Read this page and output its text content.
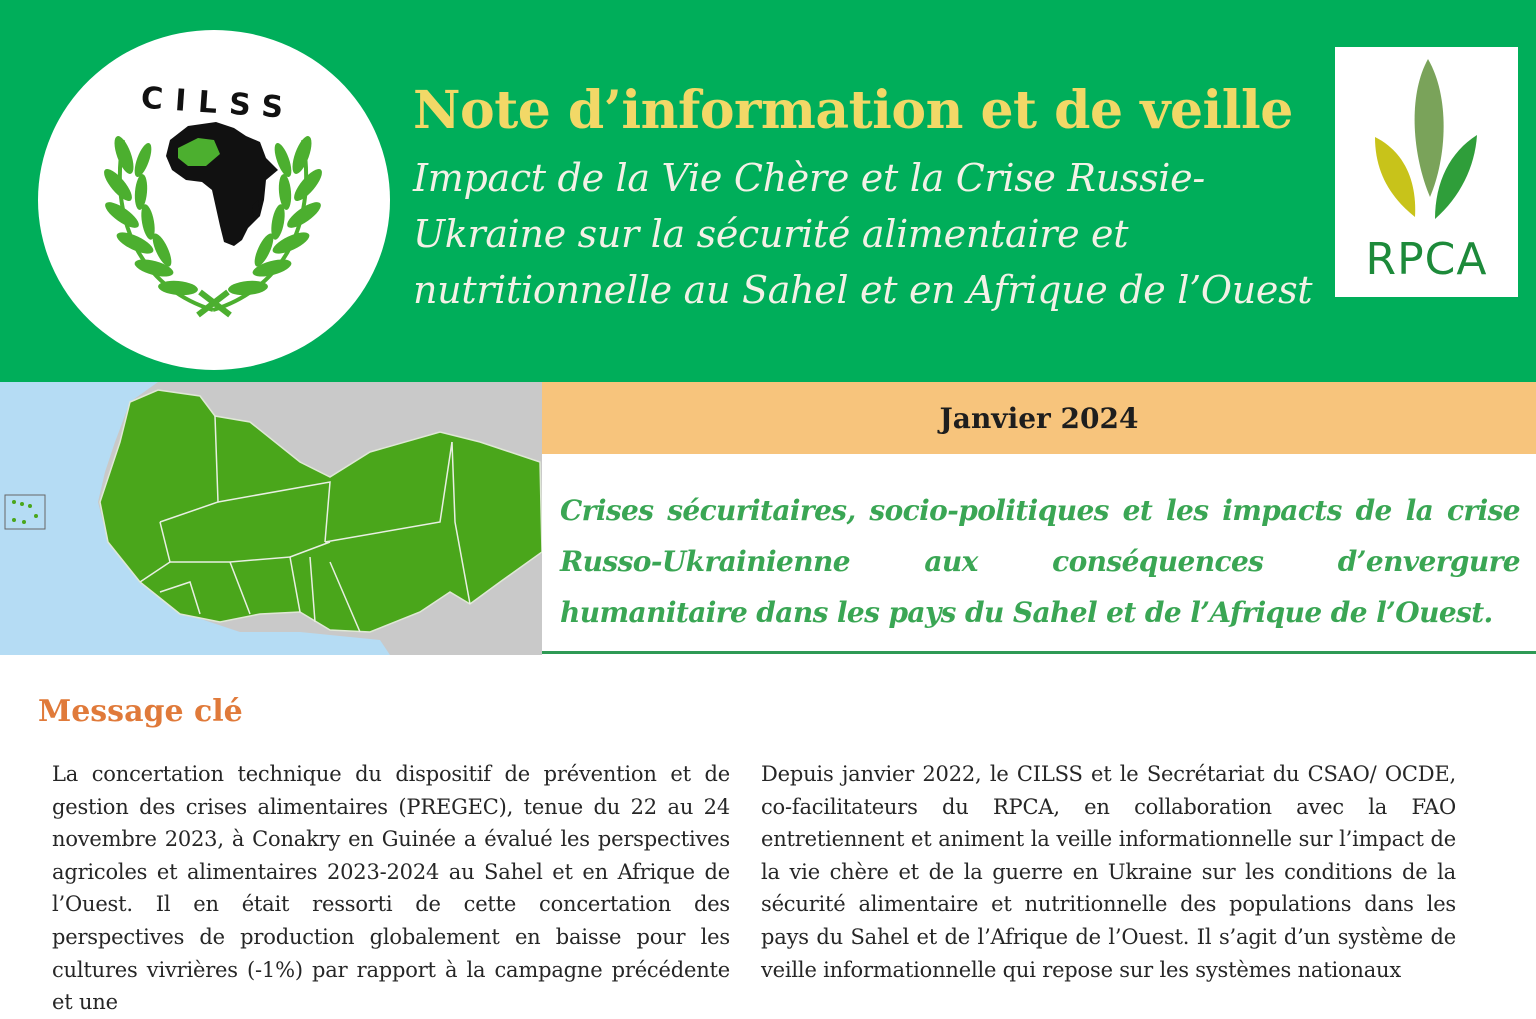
CILSS Note d’information et de veille

Impact de la Vie Chère et la Crise Russie-Ukraine sur la sécurité alimentaire et nutritionnelle au Sahel et en Afrique de l’Ouest

RPCA
Janvier 2024

Crises sécuritaires, socio-politiques et les impacts de la crise Russo-Ukrainienne aux conséquences d’envergure humanitaire dans les pays du Sahel et de l’Afrique de l’Ouest.

Message clé

La concertation technique du dispositif de prévention et de gestion des crises alimentaires (PREGEC), tenue du 22 au 24 novembre 2023, à Conakry en Guinée a évalué les perspectives agricoles et alimentaires 2023-2024 au Sahel et en Afrique de l’Ouest. Il en était ressorti de cette concertation des perspectives de production globalement en baisse pour les cultures vivrières (-1%) par rapport à la campagne précédente et une

Depuis janvier 2022, le CILSS et le Secrétariat du CSAO/ OCDE, co-facilitateurs du RPCA, en collaboration avec la FAO entretiennent et animent la veille informationnelle sur l’impact de la vie chère et de la guerre en Ukraine sur les conditions de la sécurité alimentaire et nutritionnelle des populations dans les pays du Sahel et de l’Afrique de l’Ouest. Il s’agit d’un système de veille informationnelle qui repose sur les systèmes nationaux
